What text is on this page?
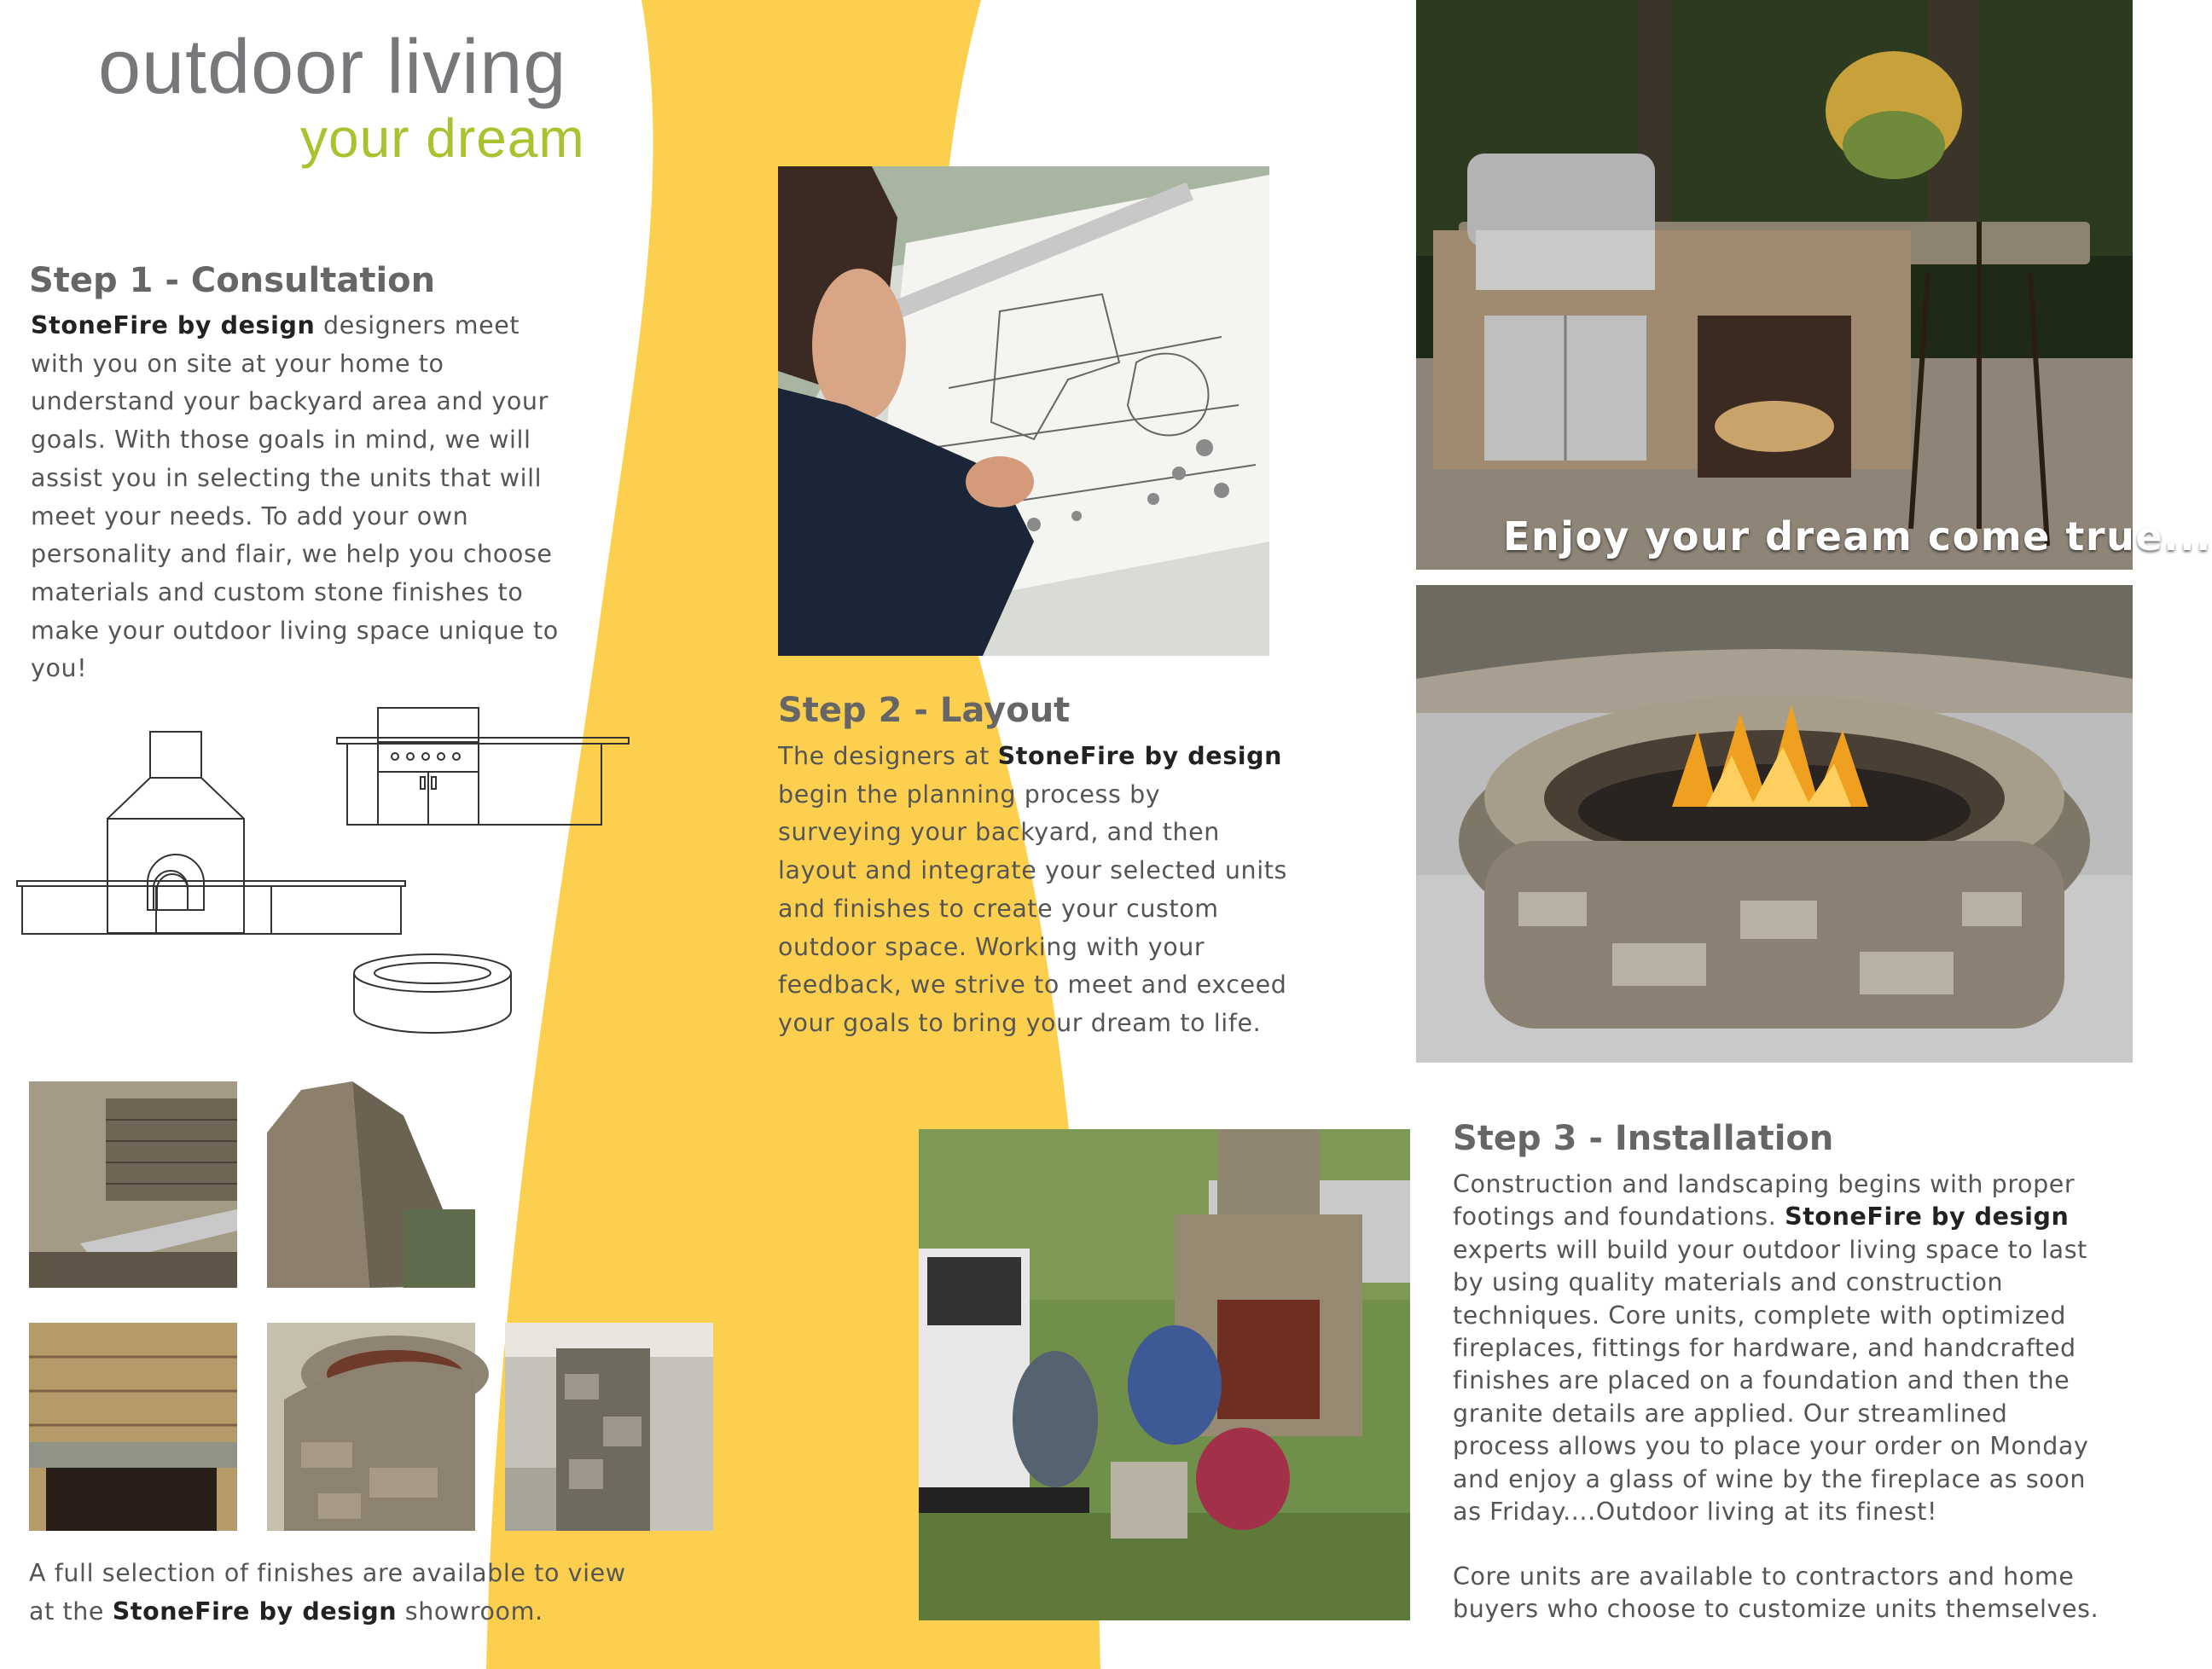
outdoor living
your dream
Step 1 - Consultation

StoneFire by design designers meet with you on site at your home to understand your backyard area and your goals. With those goals in mind, we will assist you in selecting the units that will meet your needs. To add your own personality and flair, we help you choose materials and custom stone finishes to make your outdoor living space unique to you!

Step 2 - Layout

The designers at StoneFire by design begin the planning process by surveying your backyard, and then layout and integrate your selected units and finishes to create your custom outdoor space. Working with your feedback, we strive to meet and exceed your goals to bring your dream to life.

Enjoy your dream come true...

A full selection of finishes are available to view at the StoneFire by design showroom.

Step 3 - Installation

Construction and landscaping begins with proper footings and foundations. StoneFire by design experts will build your outdoor living space to last by using quality materials and construction techniques. Core units, complete with optimized fireplaces, fittings for hardware, and handcrafted finishes are placed on a foundation and then the granite details are applied. Our streamlined process allows you to place your order on Monday and enjoy a glass of wine by the fireplace as soon as Friday....Outdoor living at its finest!

Core units are available to contractors and home buyers who choose to customize units themselves.
